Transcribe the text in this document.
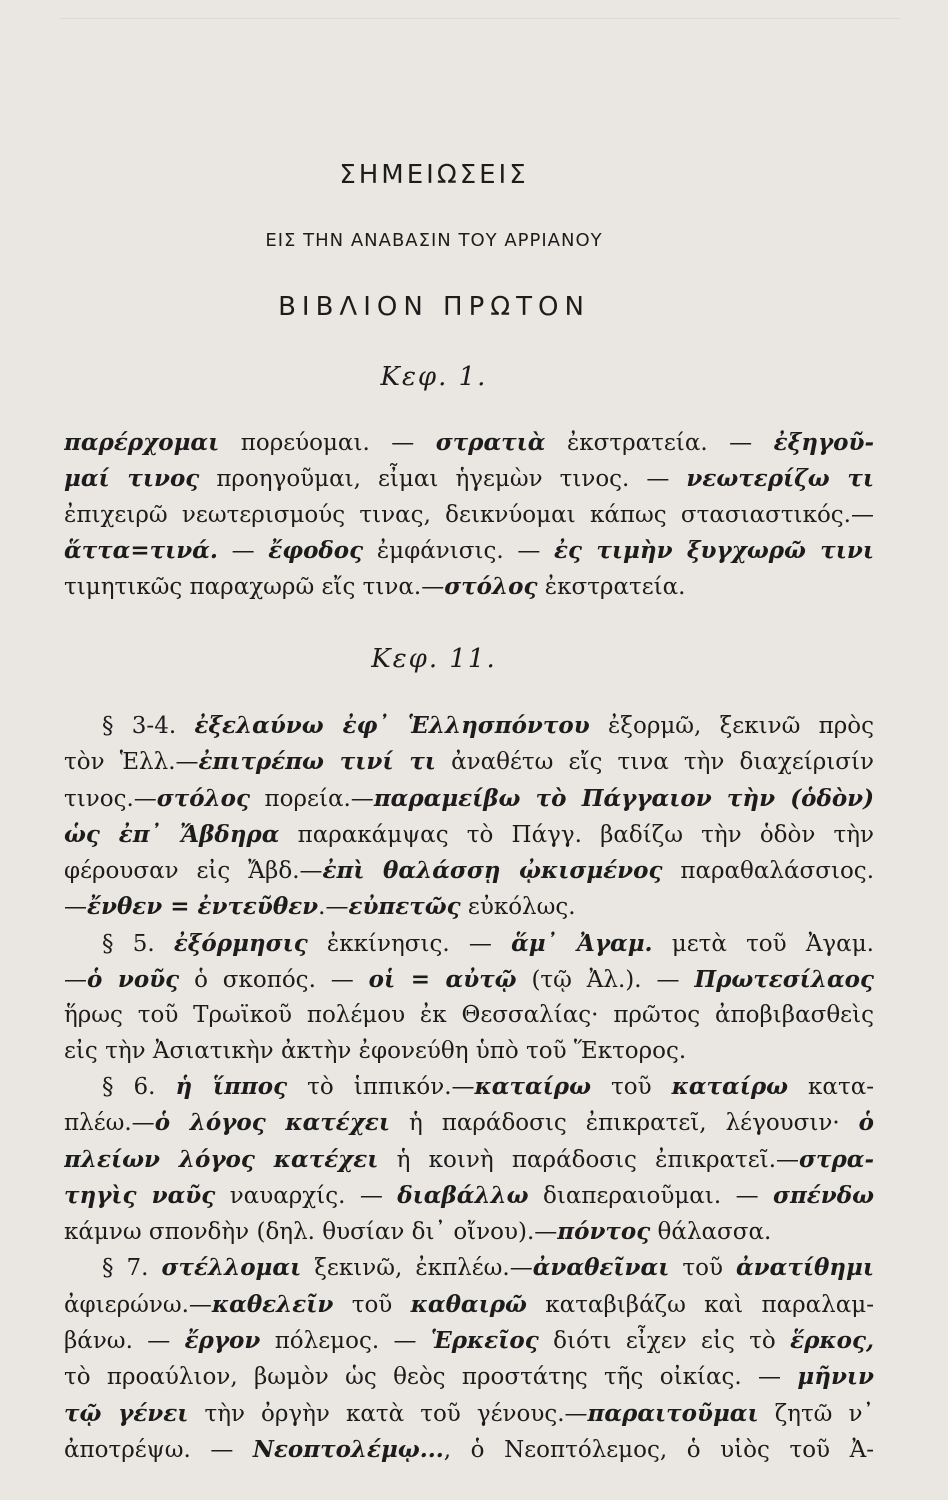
ΣΗΜΕΙΩΣΕΙΣ
ΕΙΣ ΤΗΝ ΑΝΑΒΑΣΙΝ ΤΟΥ ΑΡΡΙΑΝΟΥ
ΒΙΒΛΙΟΝ ΠΡΩΤΟΝ
Κεφ. 1.
παρέρχομαι πορεύομαι. — στρατιὰ ἐκστρατεία. — ἐξηγοῦ-
μαί τινος προηγοῦμαι, εἶμαι ἡγεμὼν τινος. — νεωτερίζω τι
ἐπιχειρῶ νεωτερισμούς τινας, δεικνύομαι κάπως στασιαστικός.—
ἅττα=τινά. — ἔφοδος ἐμφάνισις. — ἐς τιμὴν ξυγχωρῶ τινι
τιμητικῶς παραχωρῶ εἴς τινα.—στόλος ἐκστρατεία.
Κεφ. 11.
§ 3-4. ἐξελαύνω ἐφ᾽ Ἑλλησπόντου ἐξορμῶ, ξεκινῶ πρὸς
τὸν Ἑλλ.—ἐπιτρέπω τινί τι ἀναθέτω εἴς τινα τὴν διαχείρισίν
τινος.—στόλος πορεία.—παραμείβω τὸ Πάγγαιον τὴν (ὁδὸν)
ὡς ἐπ᾽ Ἄβδηρα παρακάμψας τὸ Πάγγ. βαδίζω τὴν ὁδὸν τὴν
φέρουσαν εἰς Ἄβδ.—ἐπὶ θαλάσσῃ ᾠκισμένος παραθαλάσσιος.
—ἔνθεν = ἐντεῦθεν.—εὐπετῶς εὐκόλως.
§ 5. ἐξόρμησις ἐκκίνησις. — ἅμ᾽ Ἀγαμ. μετὰ τοῦ Ἀγαμ.
—ὁ νοῦς ὁ σκοπός. — οἱ = αὐτῷ (τῷ Ἀλ.). — Πρωτεσίλαος
ἥρως τοῦ Τρωϊκοῦ πολέμου ἐκ Θεσσαλίας· πρῶτος ἀποβιβασθεὶς
εἰς τὴν Ἀσιατικὴν ἀκτὴν ἐφονεύθη ὑπὸ τοῦ Ἕκτορος.
§ 6. ἡ ἵππος τὸ ἱππικόν.—καταίρω τοῦ καταίρω κατα-
πλέω.—ὁ λόγος κατέχει ἡ παράδοσις ἐπικρατεῖ, λέγουσιν· ὁ
πλείων λόγος κατέχει ἡ κοινὴ παράδοσις ἐπικρατεῖ.—στρα-
τηγὶς ναῦς ναυαρχίς. — διαβάλλω διαπεραιοῦμαι. — σπένδω
κάμνω σπονδὴν (δηλ. θυσίαν δι᾽ οἴνου).—πόντος θάλασσα.
§ 7. στέλλομαι ξεκινῶ, ἐκπλέω.—ἀναθεῖναι τοῦ ἀνατίθημι
ἀφιερώνω.—καθελεῖν τοῦ καθαιρῶ καταβιβάζω καὶ παραλαμ-
βάνω. — ἔργον πόλεμος. — Ἑρκεῖος διότι εἶχεν εἰς τὸ ἕρκος,
τὸ προαύλιον, βωμὸν ὡς θεὸς προστάτης τῆς οἰκίας. — μῆνιν
τῷ γένει τὴν ὀργὴν κατὰ τοῦ γένους.—παραιτοῦμαι ζητῶ ν᾽
ἀποτρέψω. — Νεοπτολέμῳ..., ὁ Νεοπτόλεμος, ὁ υἱὸς τοῦ Ἀ-
